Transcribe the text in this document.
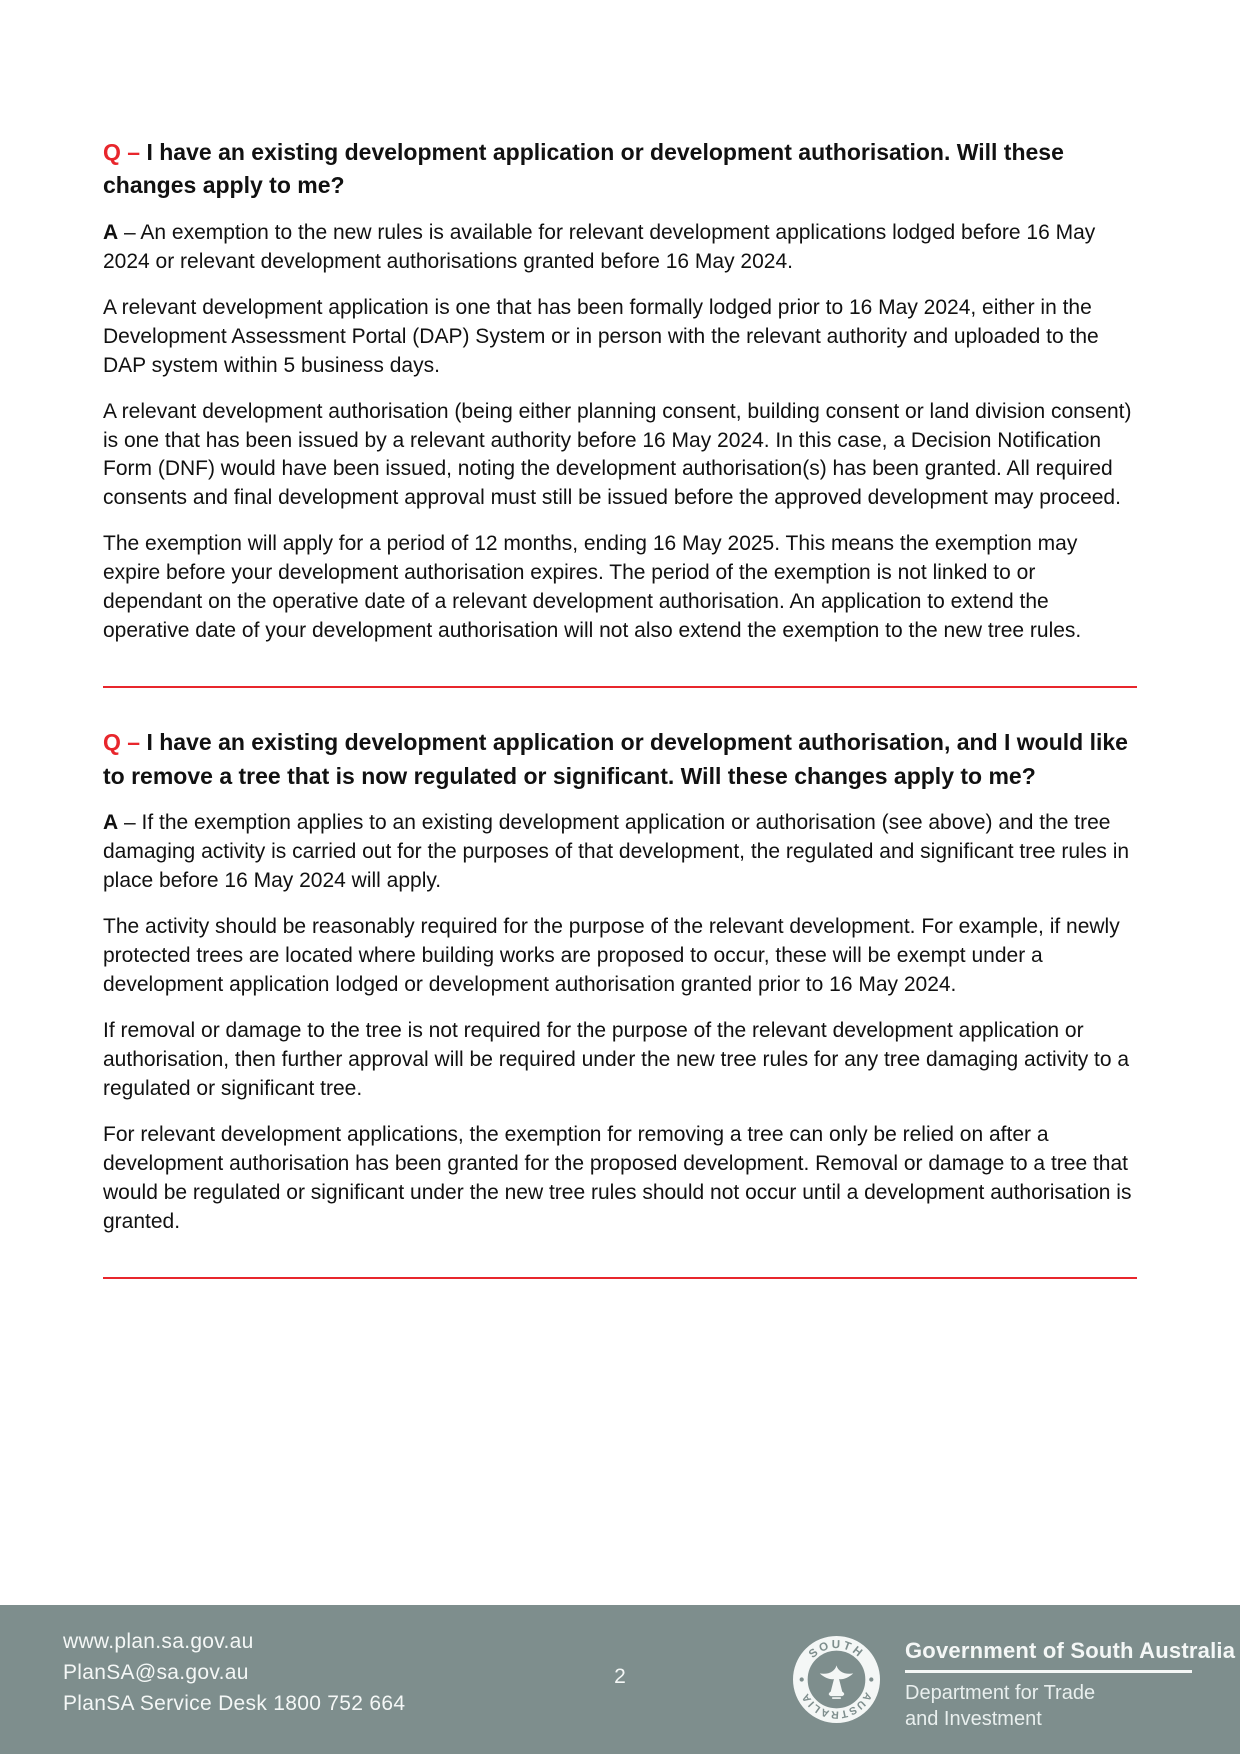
Q – I have an existing development application or development authorisation. Will these changes apply to me?

A – An exemption to the new rules is available for relevant development applications lodged before 16 May 2024 or relevant development authorisations granted before 16 May 2024.

A relevant development application is one that has been formally lodged prior to 16 May 2024, either in the Development Assessment Portal (DAP) System or in person with the relevant authority and uploaded to the DAP system within 5 business days.

A relevant development authorisation (being either planning consent, building consent or land division consent) is one that has been issued by a relevant authority before 16 May 2024. In this case, a Decision Notification Form (DNF) would have been issued, noting the development authorisation(s) has been granted. All required consents and final development approval must still be issued before the approved development may proceed.

The exemption will apply for a period of 12 months, ending 16 May 2025. This means the exemption may expire before your development authorisation expires. The period of the exemption is not linked to or dependant on the operative date of a relevant development authorisation. An application to extend the operative date of your development authorisation will not also extend the exemption to the new tree rules.

Q – I have an existing development application or development authorisation, and I would like to remove a tree that is now regulated or significant. Will these changes apply to me?

A – If the exemption applies to an existing development application or authorisation (see above) and the tree damaging activity is carried out for the purposes of that development, the regulated and significant tree rules in place before 16 May 2024 will apply.

The activity should be reasonably required for the purpose of the relevant development. For example, if newly protected trees are located where building works are proposed to occur, these will be exempt under a development application lodged or development authorisation granted prior to 16 May 2024.

If removal or damage to the tree is not required for the purpose of the relevant development application or authorisation, then further approval will be required under the new tree rules for any tree damaging activity to a regulated or significant tree.

For relevant development applications, the exemption for removing a tree can only be relied on after a development authorisation has been granted for the proposed development. Removal or damage to a tree that would be regulated or significant under the new tree rules should not occur until a development authorisation is granted.

www.plan.sa.gov.au
PlanSA@sa.gov.au
PlanSA Service Desk 1800 752 664
2
SOUTH
AUSTRALIA
Government of South Australia
Department for Trade
and Investment
